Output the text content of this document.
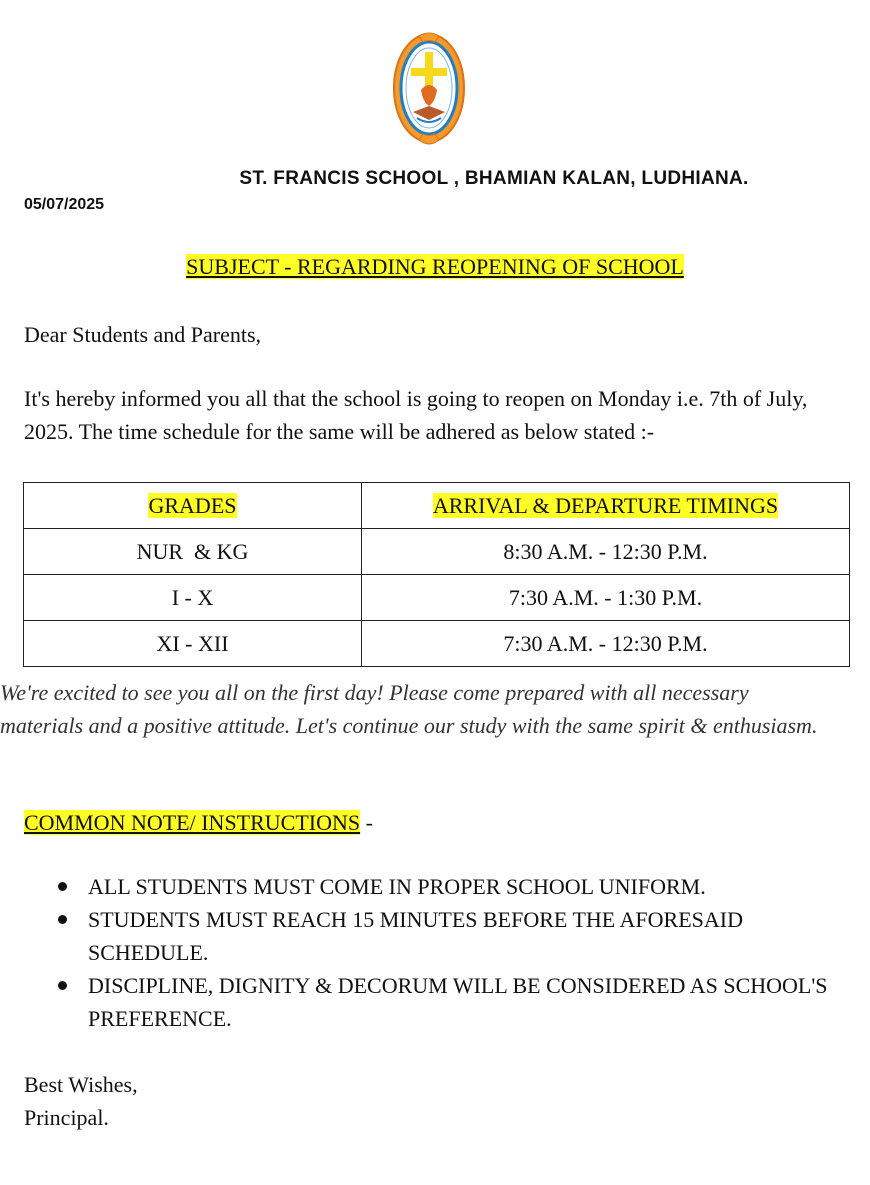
ST. FRANCIS SCHOOL , BHAMIAN KALAN, LUDHIANA.
05/07/2025
SUBJECT - REGARDING REOPENING OF SCHOOL
Dear Students and Parents,
It's hereby informed you all that the school is going to reopen on Monday i.e. 7th of July, 2025. The time schedule for the same will be adhered as below stated :-
GRADES	ARRIVAL & DEPARTURE TIMINGS
NUR  & KG	8:30 A.M. - 12:30 P.M.
I - X	7:30 A.M. - 1:30 P.M.
XI - XII	7:30 A.M. - 12:30 P.M.
We're excited to see you all on the first day! Please come prepared with all necessary materials and a positive attitude. Let's continue our study with the same spirit & enthusiasm.
COMMON NOTE/ INSTRUCTIONS -
ALL STUDENTS MUST COME IN PROPER SCHOOL UNIFORM.
STUDENTS MUST REACH 15 MINUTES BEFORE THE AFORESAID SCHEDULE.
DISCIPLINE, DIGNITY & DECORUM WILL BE CONSIDERED AS SCHOOL'S PREFERENCE.
Best Wishes,
Principal.
